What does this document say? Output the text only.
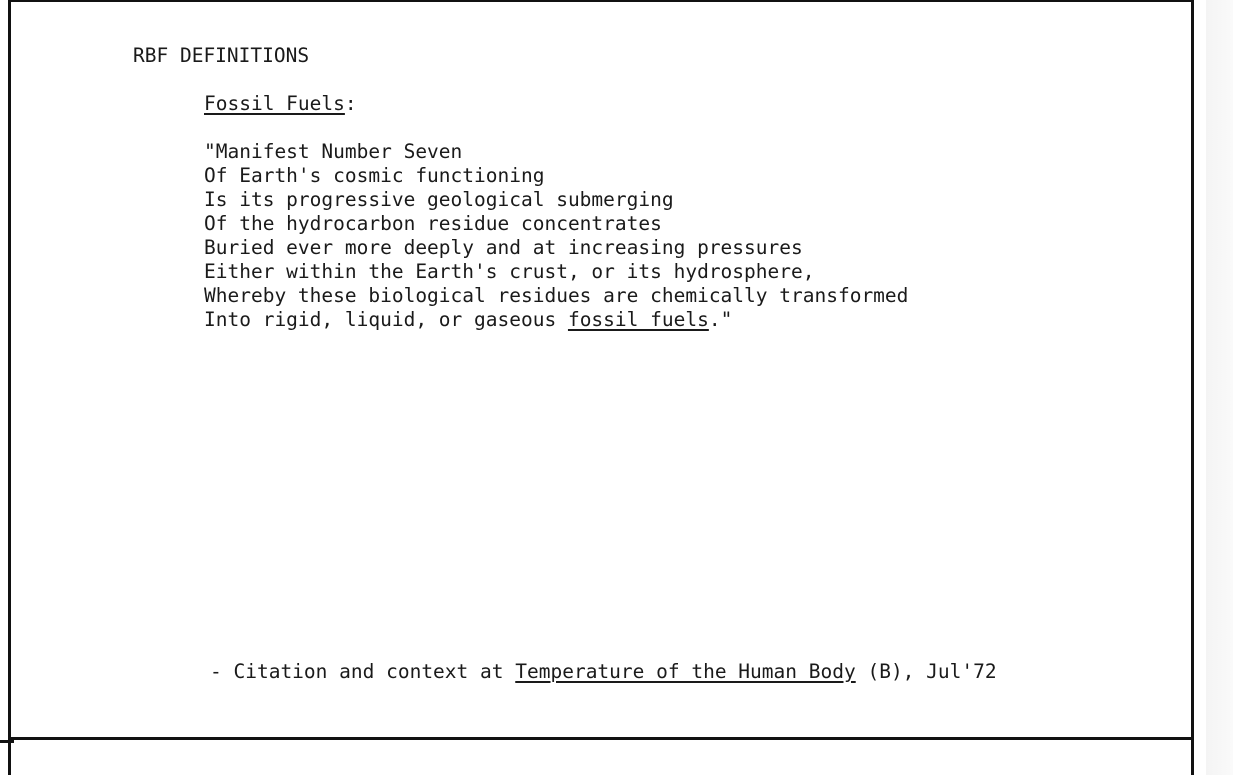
RBF DEFINITIONS
Fossil Fuels:
"Manifest Number Seven
Of Earth's cosmic functioning
Is its progressive geological submerging
Of the hydrocarbon residue concentrates
Buried ever more deeply and at increasing pressures
Either within the Earth's crust, or its hydrosphere,
Whereby these biological residues are chemically transformed
Into rigid, liquid, or gaseous fossil fuels."
- Citation and context at Temperature of the Human Body (B), Jul'72
